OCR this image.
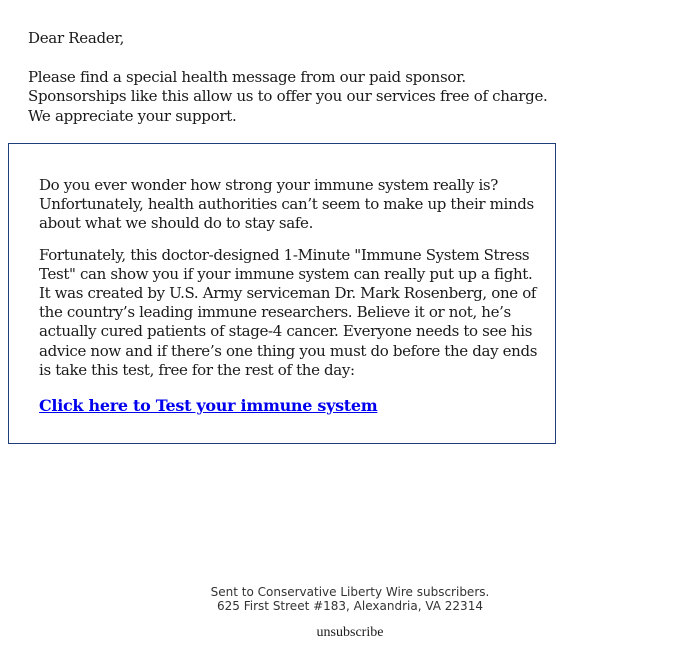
Dear Reader,
Please find a special health message from our paid sponsor.
Sponsorships like this allow us to offer you our services free of charge.
We appreciate your support.
Do you ever wonder how strong your immune system really is?
Unfortunately, health authorities can’t seem to make up their minds
about what we should do to stay safe.
Fortunately, this doctor-designed 1-Minute "Immune System Stress
Test" can show you if your immune system can really put up a fight.
It was created by U.S. Army serviceman Dr. Mark Rosenberg, one of
the country’s leading immune researchers. Believe it or not, he’s
actually cured patients of stage-4 cancer. Everyone needs to see his
advice now and if there’s one thing you must do before the day ends
is take this test, free for the rest of the day:
Click here to Test your immune system
Sent to Conservative Liberty Wire subscribers.
625 First Street #183, Alexandria, VA 22314
unsubscribe
